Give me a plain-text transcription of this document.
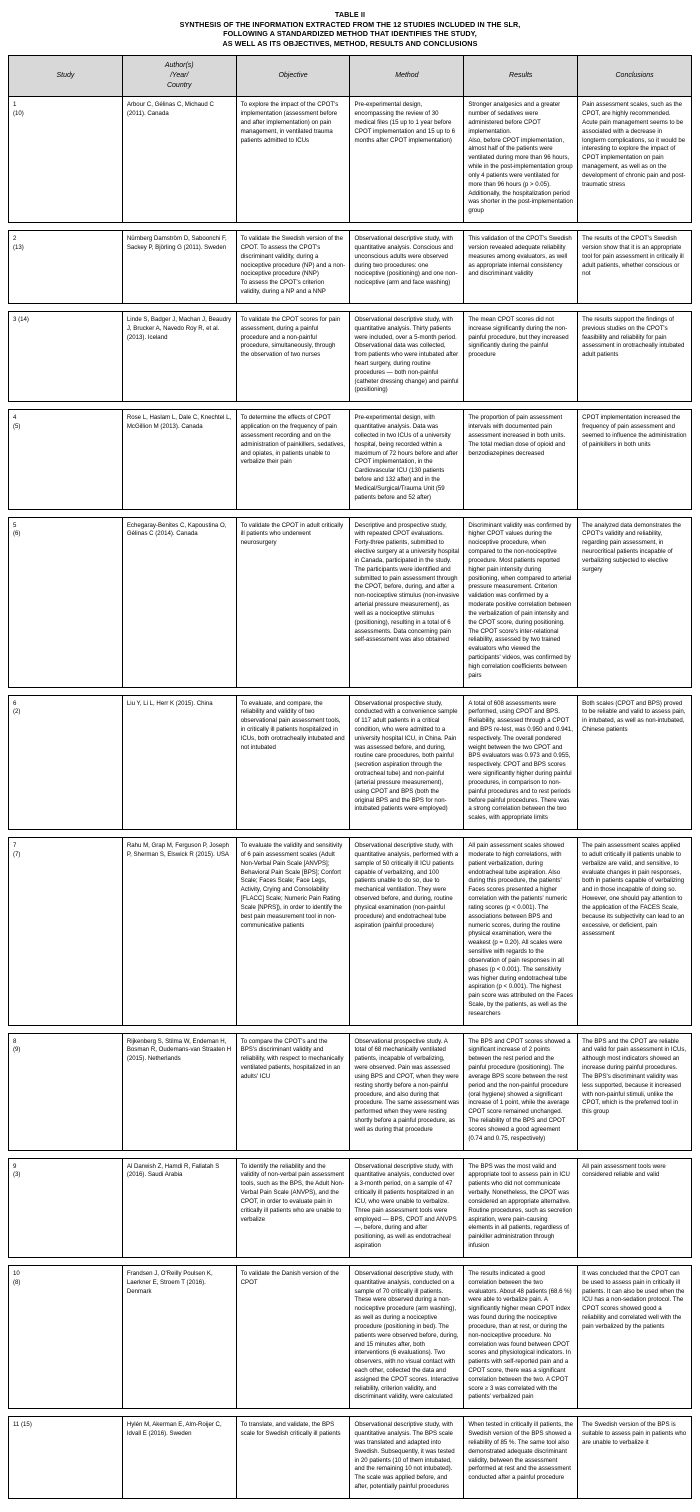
TABLE II
SYNTHESIS OF THE INFORMATION EXTRACTED FROM THE 12 STUDIES INCLUDED IN THE SLR,
FOLLOWING A STANDARDIZED METHOD THAT IDENTIFIES THE STUDY,
AS WELL AS ITS OBJECTIVES, METHOD, RESULTS AND CONCLUSIONS
Study	Author(s)
/Year/
Country	Objective	Method	Results	Conclusions

1
(10)
	Arbour C, Gélinas C, Michaud C (2011). Canada	To explore the impact of the CPOT's implementation (assessment before and after implementation) on pain management, in ventilated trauma patients admitted to ICUs	Pre-experimental design, encompassing the review of 30 medical files (15 up to 1 year before CPOT implementation and 15 up to 6 months after CPOT implementation)	Stronger analgesics and a greater number of sedatives were administered before CPOT implementation.
Also, before CPOT implementation, almost half of the patients were ventilated during more than 96 hours, while in the post-implementation group only 4 patients were ventilated for more than 96 hours (p > 0.05).
Additionally, the hospitalization period was shorter in the post-implementation group	Pain assessment scales, such as the CPOT, are highly recommended. Acute pain management seems to be associated with a decrease in longterm complications, so it would be interesting to explore the impact of CPOT implementation on pain management, as well as on the development of chronic pain and post-traumatic stress

2
(13)
	Nürnberg Damström D, Saboonchi F, Sackey P, Björling G (2011). Sweden	To validate the Swedish version of the CPOT. To assess the CPOT's discriminant validity, during a nociceptive procedure (NP) and a non-nociceptive procedure (NNP)
To assess the CPOT's criterion validity, during a NP and a NNP	Observational descriptive study, with quantitative analysis. Conscious and unconscious adults were observed during two procedures: one nociceptive (positioning) and one non-nociceptive (arm and face washing)	This validation of the CPOT's Swedish version revealed adequate reliability measures among evaluators, as well as appropriate internal consistency and discriminant validity	The results of the CPOT's Swedish version show that it is an appropriate tool for pain assessment in critically ill adult patients, whether conscious or not

3 (14)	Linde S, Badger J, Machan J, Beaudry J, Brucker A, Navedo Roy R, et al. (2013). Iceland	To validate the CPOT scores for pain assessment, during a painful procedure and a non-painful procedure, simultaneously, through the observation of two nurses	Observational descriptive study, with quantitative analysis. Thirty patients were included, over a 5-month period. Observational data was collected, from patients who were intubated after heart surgery, during routine procedures — both non-painful (catheter dressing change) and painful (positioning)	The mean CPOT scores did not increase significantly during the non-painful procedure, but they increased significantly during the painful procedure	The results support the findings of previous studies on the CPOT's feasibility and reliability for pain assessment in orotracheally intubated adult patients

4
(5)	Rose L, Haslam L, Dale C, Knechtel L, McGillion M (2013). Canada	To determine the effects of CPOT application on the frequency of pain assessment recording and on the administration of painkillers, sedatives, and opiates, in patients unable to verbalize their pain	Pre-experimental design, with quantitative analysis. Data was collected in two ICUs of a university hospital, being recorded within a maximum of 72 hours before and after CPOT implementation, in the Cardiovascular ICU (130 patients before and 132 after) and in the Medical/Surgical/Trauma Unit (59 patients before and 52 after)	The proportion of pain assessment intervals with documented pain assessment increased in both units.
The total median dose of opioid and benzodiazepines decreased	CPOT implementation increased the frequency of pain assessment and seemed to influence the administration of painkillers in both units

5
(6)
	Echegaray-Benites C, Kapoustina O, Gélinas C (2014). Canada	To validate the CPOT in adult critically ill patients who underwent neurosurgery	Descriptive and prospective study, with repeated CPOT evaluations.
Forty-three patients, submitted to elective surgery at a university hospital in Canada, participated in the study. The participants were identified and submitted to pain assessment through the CPOT, before, during, and after a non-nociceptive stimulus (non-invasive arterial pressure measurement), as well as a nociceptive stimulus (positioning), resulting in a total of 6 assessments. Data concerning pain self-assessment was also obtained	Discriminant validity was confirmed by higher CPOT values during the nociceptive procedure, when compared to the non-nociceptive procedure. Most patients reported higher pain intensity during positioning, when compared to arterial pressure measurement. Criterion validation was confirmed by a moderate positive correlation between the verbalization of pain intensity and the CPOT score, during positioning. The CPOT score's inter-relational reliability, assessed by two trained evaluators who viewed the participants' videos, was confirmed by high correlation coefficients between pairs	The analyzed data demonstrates the CPOT's validity and reliability, regarding pain assessment, in neurocritical patients incapable of verbalizing subjected to elective surgery

6
(2)
	Liu Y, Li L, Herr K (2015). China	To evaluate, and compare, the reliability and validity of two observational pain assessment tools, in critically ill patients hospitalized in ICUs, both orotracheally intubated and not intubated	Observational prospective study, conducted with a convenience sample of 117 adult patients in a critical condition, who were admitted to a university hospital ICU, in China. Pain was assessed before, and during, routine care procedures, both painful (secretion aspiration through the orotracheal tube) and non-painful (arterial pressure measurement), using CPOT and BPS (both the original BPS and the BPS for non-intubated patients were employed)	A total of 608 assessments were performed, using CPOT and BPS. Reliability, assessed through a CPOT and BPS re-test, was 0.950 and 0.941, respectively. The overall pondered weight between the two CPOT and BPS evaluators was 0.973 and 0.955, respectively. CPOT and BPS scores were significantly higher during painful procedures, in comparison to non-painful procedures and to rest periods before painful procedures. There was a strong correlation between the two scales, with appropriate limits	Both scales (CPOT and BPS) proved to be reliable and valid to assess pain, in intubated, as well as non-intubated, Chinese patients

7
(7)
	Rahu M, Grap M, Ferguson P, Joseph P, Sherman S, Elswick R (2015). USA	To evaluate the validity and sensitivity of 6 pain assessment scales (Adult Non-Verbal Pain Scale [ANVPS]; Behavioral Pain Scale [BPS]; Confort Scale; Faces Scale; Face Legs, Activity, Crying and Consolability [FLACC] Scale; Numeric Pain Rating Scale [NPRS]), in order to identify the best pain measurement tool in non-communicative patients	Observational descriptive study, with quantitative analysis, performed with a sample of 50 critically ill ICU patients capable of verbalizing, and 100 patients unable to do so, due to mechanical ventilation. They were observed before, and during, routine physical examination (non-painful procedure) and endotracheal tube aspiration (painful procedure)	All pain assessment scales showed moderate to high correlations, with patient verbalization, during endotracheal tube aspiration. Also during this procedure, the patients' Faces scores presented a higher correlation with the patients' numeric rating scores (p < 0.001). The associations between BPS and numeric scores, during the routine physical examination, were the weakest (p = 0.20). All scales were sensitive with regards to the observation of pain responses in all phases (p < 0.001). The sensitivity was higher during endotracheal tube aspiration (p < 0.001). The highest pain score was attributed on the Faces Scale, by the patients, as well as the researchers	The pain assessment scales applied to adult critically ill patients unable to verbalize are valid, and sensitive, to evaluate changes in pain responses, both in patients capable of verbalizing and in those incapable of doing so. However, one should pay attention to the application of the FACES Scale, because its subjectivity can lead to an excessive, or deficient, pain assessment

8
(9)
	Rijkenberg S, Stilma W, Endeman H, Bosman R, Oudemans-van Straaten H (2015). Netherlands	To compare the CPOT's and the BPS's discriminant validity and reliability, with respect to mechanically ventilated patients, hospitalized in an adults' ICU	Observational prospective study. A total of 68 mechanically ventilated patients, incapable of verbalizing, were observed. Pain was assessed using BPS and CPOT, when they were resting shortly before a non-painful procedure, and also during that procedure. The same assessment was performed when they were resting shortly before a painful procedure, as well as during that procedure	The BPS and CPOT scores showed a significant increase of 2 points between the rest period and the painful procedure (positioning). The average BPS score between the rest period and the non-painful procedure (oral hygiene) showed a significant increase of 1 point, while the average CPOT score remained unchanged. The reliability of the BPS and CPOT scores showed a good agreement (0.74 and 0.75, respectively)	The BPS and the CPOT are reliable and valid for pain assessment in ICUs, although most indicators showed an increase during painful procedures. The BPS's discriminant validity was less supported, because it increased with non-painful stimuli, unlike the CPOT, which is the preferred tool in this group

9
(3)
	Al Darwish Z, Hamdi R, Fallatah S (2016). Saudi Arabia	To identify the reliability and the validity of non-verbal pain assessment tools, such as the BPS, the Adult Non-Verbal Pain Scale (ANVPS), and the CPOT, in order to evaluate pain in critically ill patients who are unable to verbalize	Observational descriptive study, with quantitative analysis, conducted over a 3-month period, on a sample of 47 critically ill patients hospitalized in an ICU, who were unable to verbalize. Three pain assessment tools were employed — BPS, CPOT and ANVPS —, before, during and after positioning, as well as endotracheal aspiration	The BPS was the most valid and appropriate tool to assess pain in ICU patients who did not communicate verbally. Nonetheless, the CPOT was considered an appropriate alternative. Routine procedures, such as secretion aspiration, were pain-causing elements in all patients, regardless of painkiller administration through infusion	All pain assessment tools were considered reliable and valid

10
(8)
	Frandsen J, O'Reilly Poulsen K, Laerkner E, Stroem T (2016). Denmark	To validate the Danish version of the CPOT	Observational descriptive study, with quantitative analysis, conducted on a sample of 70 critically ill patients. These were observed during a non-nociceptive procedure (arm washing), as well as during a nociceptive procedure (positioning in bed). The patients were observed before, during, and 15 minutes after, both interventions (6 evaluations). Two observers, with no visual contact with each other, collected the data and assigned the CPOT scores. Interactive reliability, criterion validity, and discriminant validity, were calculated	The results indicated a good correlation between the two evaluators. About 48 patients (68.6 %) were able to verbalize pain. A significantly higher mean CPOT index was found during the nociceptive procedure, than at rest, or during the non-nociceptive procedure. No correlation was found between CPOT scores and physiological indicators. In patients with self-reported pain and a CPOT score, there was a significant correlation between the two. A CPOT score ≥ 3 was correlated with the patients' verbalized pain	It was concluded that the CPOT can be used to assess pain in critically ill patients. It can also be used when the ICU has a non-sedation protocol. The CPOT scores showed good a reliability and correlated well with the pain verbalized by the patients

11 (15)	Hylén M, Akerman E, Alm-Roijer C, Idvall E (2016). Sweden	To translate, and validate, the BPS scale for Swedish critically ill patients	Observational descriptive study, with quantitative analysis. The BPS scale was translated and adapted into Swedish. Subsequently, it was tested in 20 patients (10 of them intubated, and the remaining 10 not intubated). The scale was applied before, and after, potentially painful procedures	When tested in critically ill patients, the Swedish version of the BPS showed a reliability of 85 %. The same tool also demonstrated adequate discriminant validity, between the assessment performed at rest and the assessment conducted after a painful procedure	The Swedish version of the BPS is suitable to assess pain in patients who are unable to verbalize it
